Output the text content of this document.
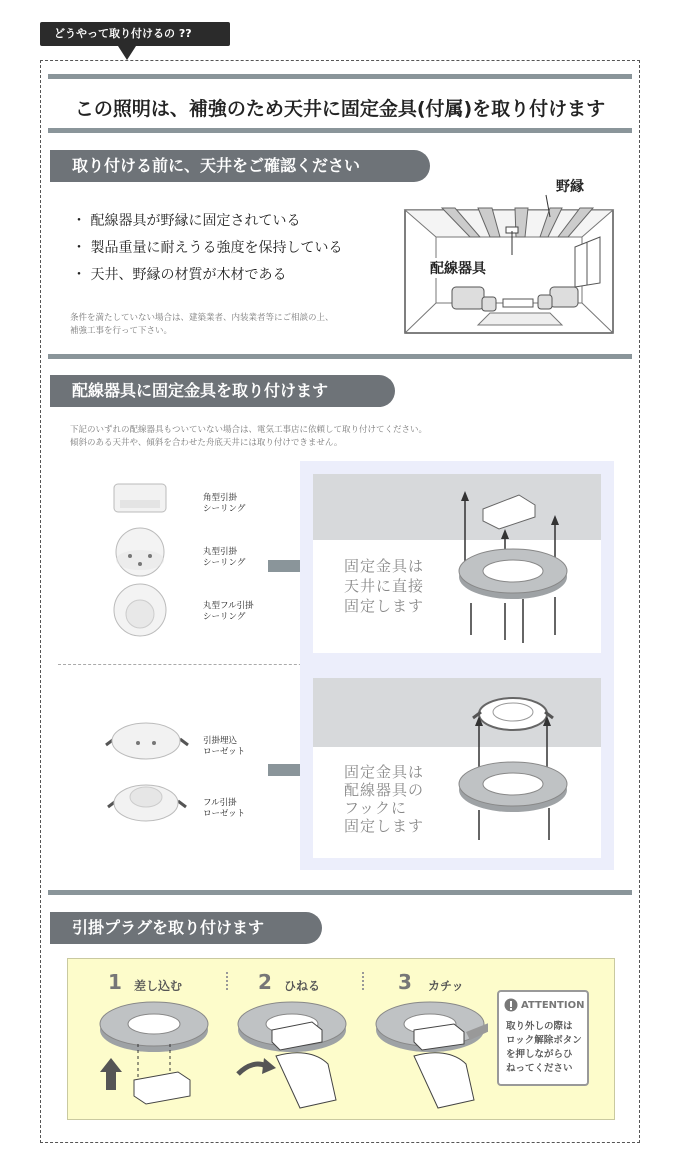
どうやって取り付けるの ??
この照明は、補強のため天井に固定金具(付属)を取り付けます
取り付ける前に、天井をご確認ください
・ 配線器具が野縁に固定されている
・ 製品重量に耐えうる強度を保持している
・ 天井、野縁の材質が木材である
条件を満たしていない場合は、建築業者、内装業者等にご相談の上、
補強工事を行って下さい。
野縁
配線器具
配線器具に固定金具を取り付けます
下記のいずれの配線器具もついていない場合は、電気工事店に依頼して取り付けてください。
傾斜のある天井や、傾斜を合わせた舟底天井には取り付けできません。
角型引掛
シーリング
丸型引掛
シーリング
丸型フル引掛
シーリング
固定金具は
天井に直接
固定します
引掛埋込
ローゼット
フル引掛
ローゼット
固定金具は
配線器具の
フックに
固定します
引掛プラグを取り付けます
1 差し込む	2 ひねる	3 カチッ
ATTENTION
取り外しの際は
ロック解除ボタン
を押しながらひ
ねってください
